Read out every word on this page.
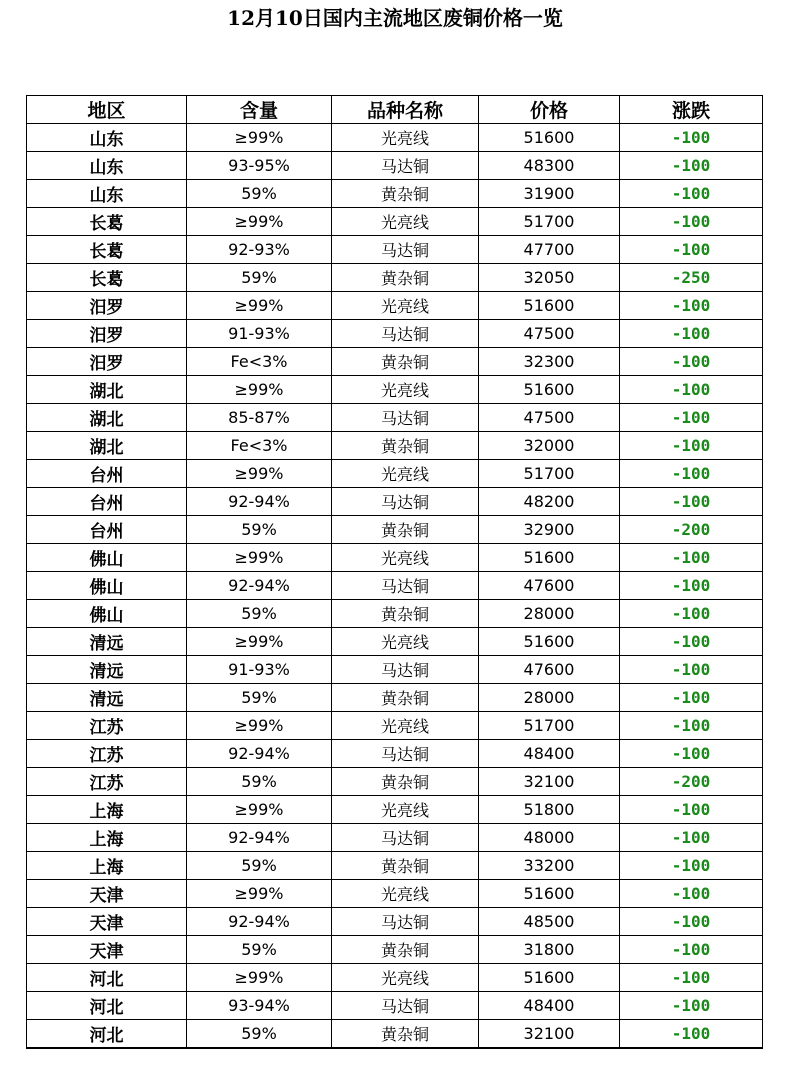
12月10日国内主流地区废铜价格一览
地区	含量	品种名称	价格	涨跌
山东	≥99%	光亮线	51600	-100
山东	93-95%	马达铜	48300	-100
山东	59%	黄杂铜	31900	-100
长葛	≥99%	光亮线	51700	-100
长葛	92-93%	马达铜	47700	-100
长葛	59%	黄杂铜	32050	-250
汨罗	≥99%	光亮线	51600	-100
汨罗	91-93%	马达铜	47500	-100
汨罗	Fe<3%	黄杂铜	32300	-100
湖北	≥99%	光亮线	51600	-100
湖北	85-87%	马达铜	47500	-100
湖北	Fe<3%	黄杂铜	32000	-100
台州	≥99%	光亮线	51700	-100
台州	92-94%	马达铜	48200	-100
台州	59%	黄杂铜	32900	-200
佛山	≥99%	光亮线	51600	-100
佛山	92-94%	马达铜	47600	-100
佛山	59%	黄杂铜	28000	-100
清远	≥99%	光亮线	51600	-100
清远	91-93%	马达铜	47600	-100
清远	59%	黄杂铜	28000	-100
江苏	≥99%	光亮线	51700	-100
江苏	92-94%	马达铜	48400	-100
江苏	59%	黄杂铜	32100	-200
上海	≥99%	光亮线	51800	-100
上海	92-94%	马达铜	48000	-100
上海	59%	黄杂铜	33200	-100
天津	≥99%	光亮线	51600	-100
天津	92-94%	马达铜	48500	-100
天津	59%	黄杂铜	31800	-100
河北	≥99%	光亮线	51600	-100
河北	93-94%	马达铜	48400	-100
河北	59%	黄杂铜	32100	-100
